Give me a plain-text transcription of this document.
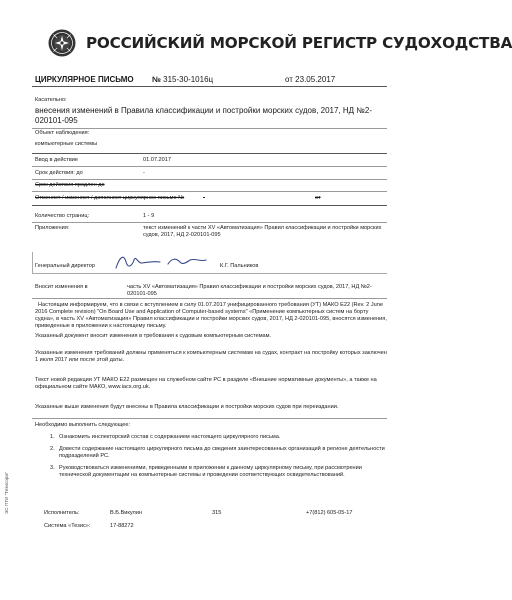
РОССИЙСКИЙ МОРСКОЙ РЕГИСТР СУДОХОДСТВА
ЦИРКУЛЯРНОЕ ПИСЬМО № 315-30-1016ц	от 23.05.2017
Касательно:
внесения изменений в Правила классификации и постройки морских судов, 2017, НД №2-020101-095
Объект наблюдения:
компьютерные системы
Ввод в действие	01.07.2017
Срок действия: до	-
Срок действия продлен до
Отменяет / изменяет / дополняет циркулярное письмо №	-	от
Количество страниц:	1 - 9
Приложения:	текст изменений к части XV «Автоматизация» Правил классификации и постройки морских судов, 2017, НД 2-020101-095
Генеральный директор	К.Г. Пальников
Вносит изменения в	часть XV «Автоматизация» Правил классификации и постройки морских судов, 2017, НД №2-020101-095
Настоящим информируем, что в связи с вступлением в силу 01.07.2017 унифицированного требования (УТ) МАКО Е22 (Rev. 2 June 2016 Complete revision) "On Board Use and Application of Computer-based systems" «Применение компьютерных систем на борту судна», в часть XV «Автоматизация» Правил классификации и постройки морских судов, 2017, НД 2-020101-095, вносятся изменения, приведенные в приложении к настоящему письму.
Указанный документ вносит изменения в требования к судовым компьютерным системам.
Указанные изменения требований должны применяться к компьютерным системам на судах, контракт на постройку которых заключен 1 июля 2017 или после этой даты.
Текст новой редакции УТ МАКО Е22 размещен на служебном сайте РС в разделе «Внешние нормативные документы», а также на официальном сайте МАКО, www.iacs.org.uk.
Указанные выше изменения будут внесены в Правила классификации и постройки морских судов при переиздании.
Необходимо выполнить следующее:
1. Ознакомить инспекторский состав с содержанием настоящего циркулярного письма.
2. Довести содержание настоящего циркулярного письма до сведения заинтересованных организаций в регионе деятельности подразделений РС.
3. Руководствоваться изменениями, приведенными в приложении к данному циркулярному письму, при рассмотрении технической документации на компьютерные системы и проведении соответствующих освидетельствований.
Исполнитель:	В.Б.Викулин	315	+7(812) 605-05-17
Система «Тезис»:	17-88272
ЭС ПТИ "Тезисорм"
